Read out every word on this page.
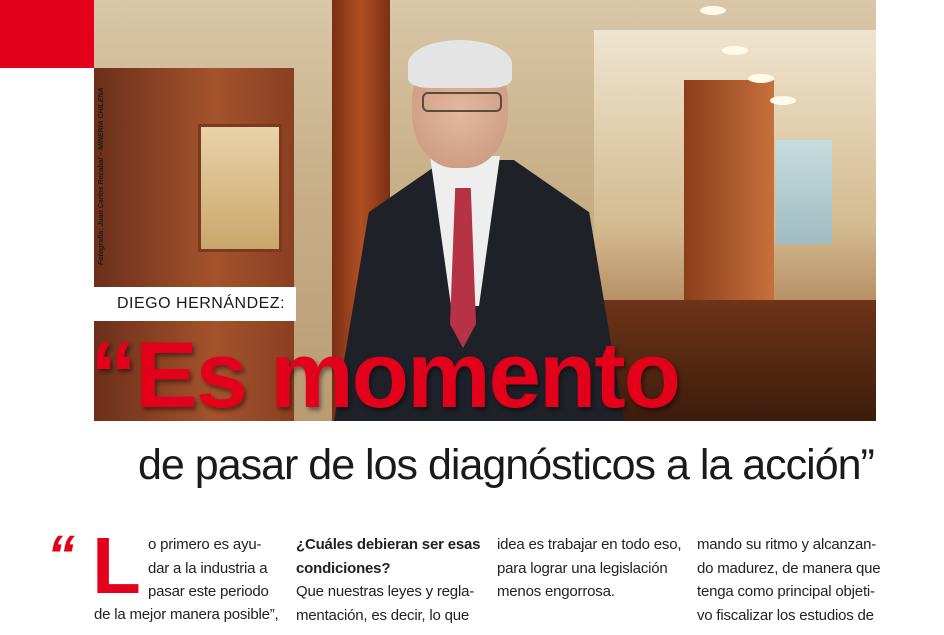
Fotografía: Juan Carlos Recabal – MINERÍA CHILENA
DIEGO HERNÁNDEZ:
“Es momento
de pasar de los diagnósticos a la acción”
“ L o primero es ayu-

dar a la industria a

pasar este periodo

de la mejor manera posible”,

¿Cuáles debieran ser esas

condiciones?

Que nuestras leyes y regla-

mentación, es decir, lo que

idea es trabajar en todo eso,

para lograr una legislación

menos engorrosa.

mando su ritmo y alcanzan-

do madurez, de manera que

tenga como principal objeti-

vo fiscalizar los estudios de
